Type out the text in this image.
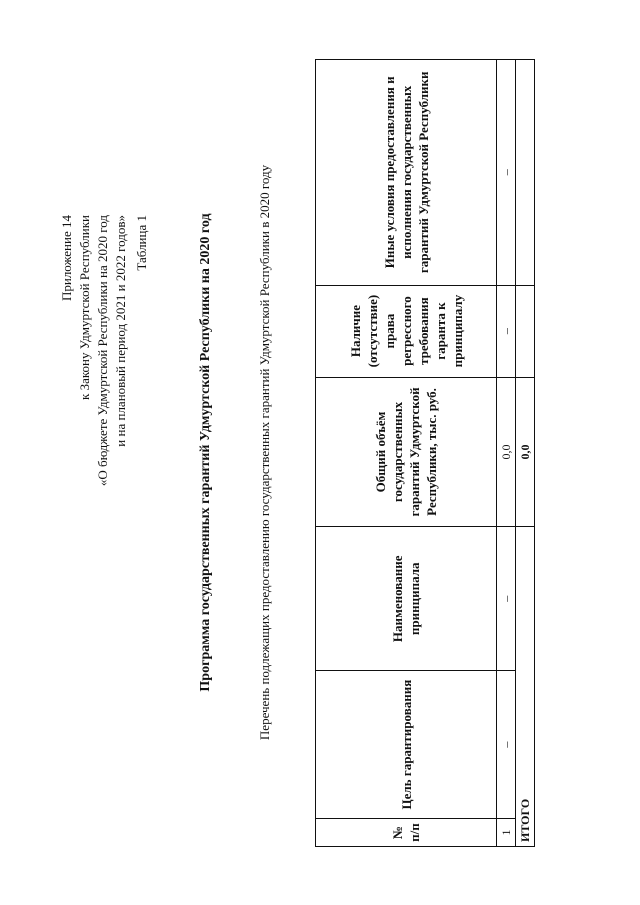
Приложение 14 к Закону Удмуртской Республики «О бюджете Удмуртской Республики на 2020 год и на плановый период 2021 и 2022 годов» Таблица 1	Программа государственных гарантий Удмуртской Республики на 2020 год	Перечень подлежащих предоставлению государственных гарантий Удмуртской Республики в 2020 году
№ п/п	Цель гарантирования	Наименование принципала	Общий объём государственных гарантий Удмуртской Республики, тыс. руб.	Наличие (отсутствие) права регрессного требования гаранта к принципалу	Иные условия предоставления и исполнения государственных гарантий Удмуртской Республики
1	–	–	0,0	–	–
ИТОГО			0,0		
